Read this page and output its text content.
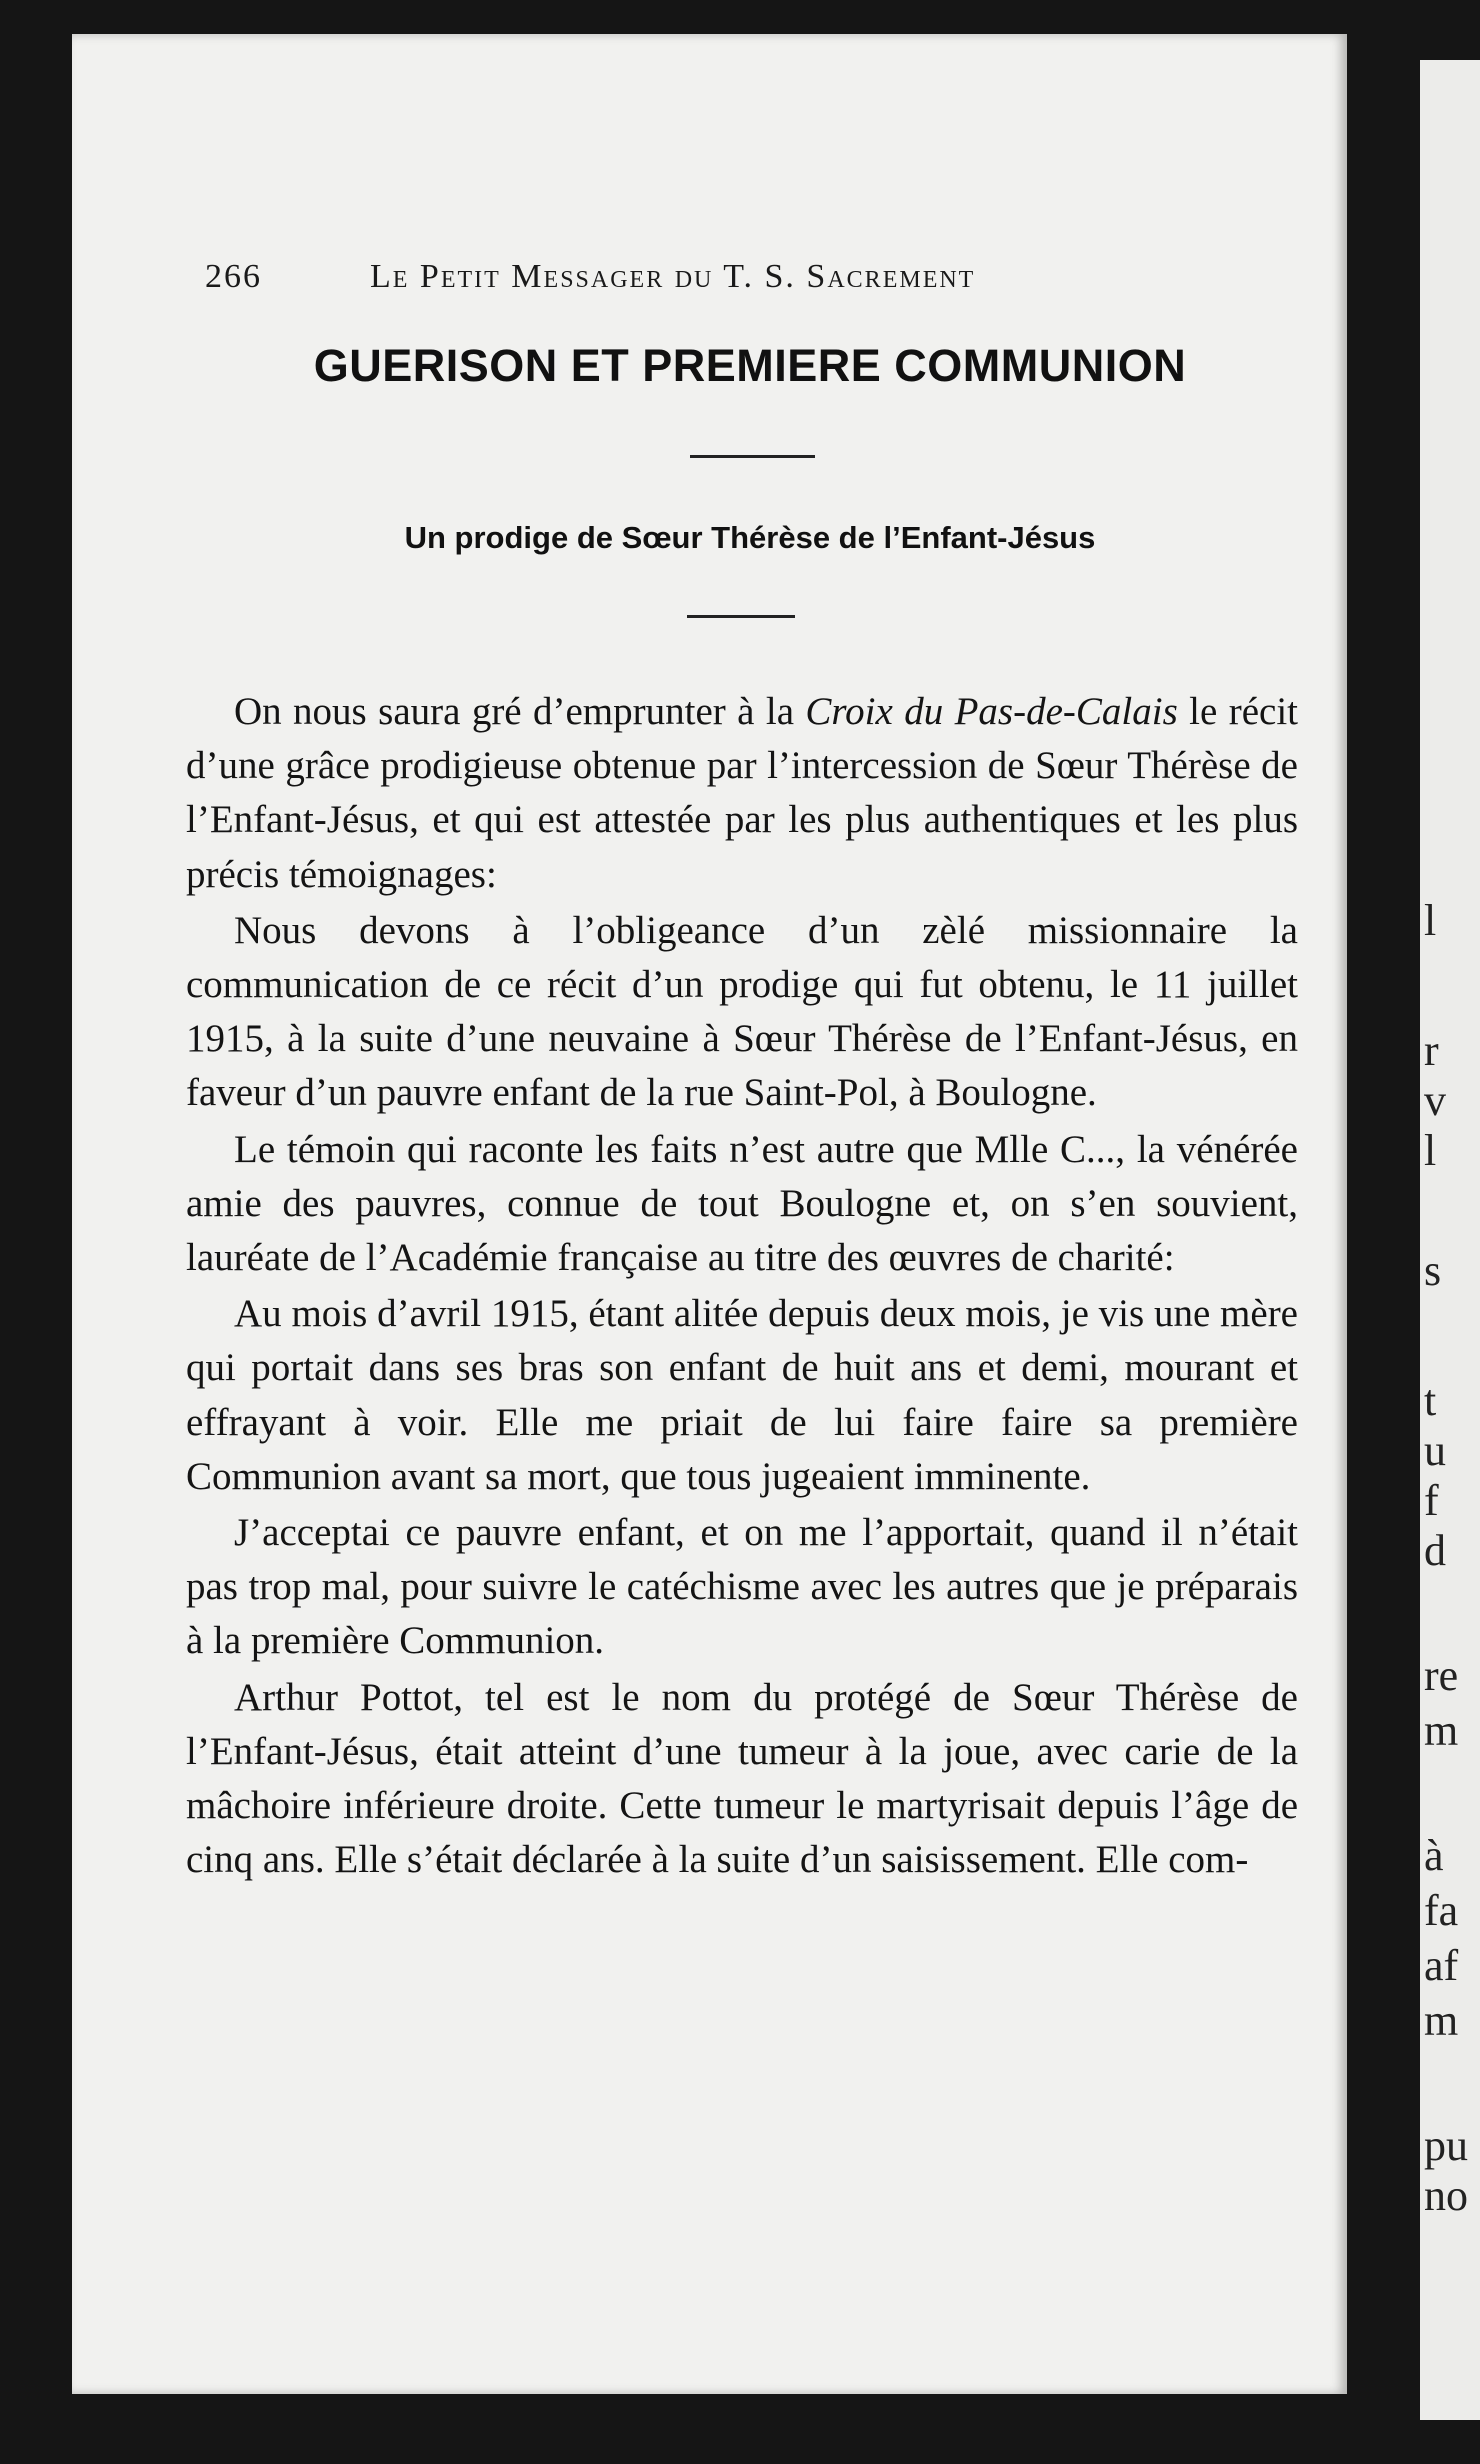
266	Le Petit Messager du T. S. Sacrement
GUERISON ET PREMIERE COMMUNION
Un prodige de Sœur Thérèse de l’Enfant-Jésus

On nous saura gré d’emprunter à la Croix du Pas-de-Calais le récit d’une grâce prodigieuse obtenue par l’intercession de Sœur Thérèse de l’Enfant-Jésus, et qui est attestée par les plus authentiques et les plus précis témoignages:

Nous devons à l’obligeance d’un zèlé missionnaire la communication de ce récit d’un prodige qui fut obtenu, le 11 juillet 1915, à la suite d’une neuvaine à Sœur Thérèse de l’Enfant-Jésus, en faveur d’un pauvre enfant de la rue Saint-Pol, à Boulogne.

Le témoin qui raconte les faits n’est autre que Mlle C..., la vénérée amie des pauvres, connue de tout Boulogne et, on s’en souvient, lauréate de l’Académie française au titre des œuvres de charité:

Au mois d’avril 1915, étant alitée depuis deux mois, je vis une mère qui portait dans ses bras son enfant de huit ans et demi, mourant et effrayant à voir. Elle me priait de lui faire faire sa première Communion avant sa mort, que tous jugeaient imminente.

J’acceptai ce pauvre enfant, et on me l’apportait, quand il n’était pas trop mal, pour suivre le catéchisme avec les autres que je préparais à la première Communion.

Arthur Pottot, tel est le nom du protégé de Sœur Thérèse de l’Enfant-Jésus, était atteint d’une tumeur à la joue, avec carie de la mâchoire inférieure droite. Cette tumeur le martyrisait depuis l’âge de cinq ans. Elle s’était déclarée à la suite d’un saisissement. Elle com-

l
r
v
l
s
t
u
f
d
re
m
à
fa
af
m
pu
no
